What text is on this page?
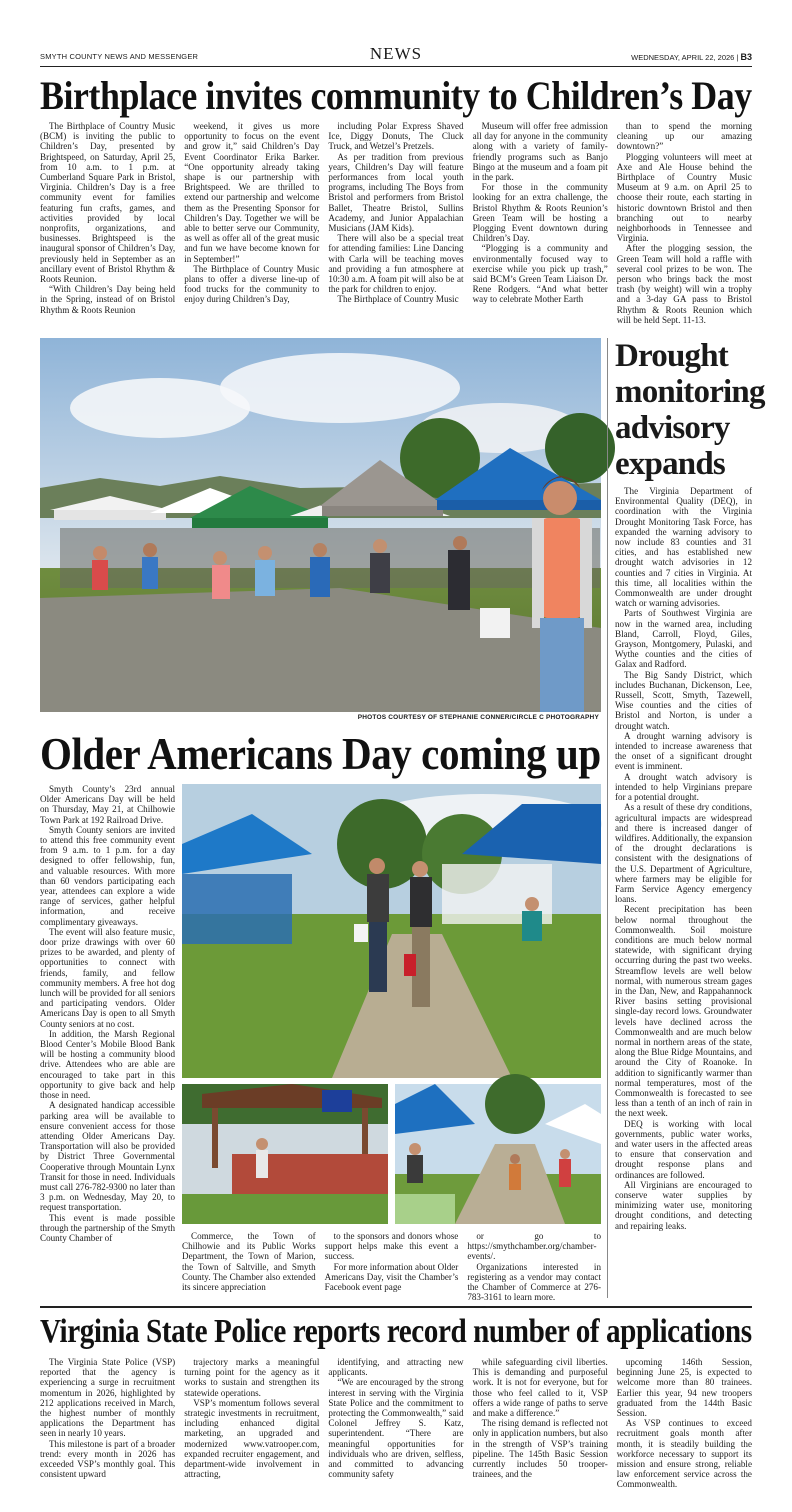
SMYTH COUNTY NEWS AND MESSENGER	NEWS	WEDNESDAY, APRIL 22, 2026 | B3
Birthplace invites community to Children’s Day

The Birthplace of Country Music (BCM) is inviting the public to Children’s Day, presented by Brightspeed, on Saturday, April 25, from 10 a.m. to 1 p.m. at Cumberland Square Park in Bristol, Virginia. Children’s Day is a free community event for families featuring fun crafts, games, and activities provided by local nonprofits, organizations, and businesses. Brightspeed is the inaugural sponsor of Children’s Day, previously held in September as an ancillary event of Bristol Rhythm & Roots Reunion.

“With Children’s Day being held in the Spring, instead of on Bristol Rhythm & Roots Reunion

weekend, it gives us more opportunity to focus on the event and grow it,” said Children’s Day Event Coordinator Erika Barker. “One opportunity already taking shape is our partnership with Brightspeed. We are thrilled to extend our partnership and welcome them as the Presenting Sponsor for Children’s Day. Together we will be able to better serve our Community, as well as offer all of the great music and fun we have become known for in September!”

The Birthplace of Country Music plans to offer a diverse line-up of food trucks for the community to enjoy during Children’s Day,

including Polar Express Shaved Ice, Diggy Donuts, The Cluck Truck, and Wetzel’s Pretzels.

As per tradition from previous years, Children’s Day will feature performances from local youth programs, including The Boys from Bristol and performers from Bristol Ballet, Theatre Bristol, Sullins Academy, and Junior Appalachian Musicians (JAM Kids).

There will also be a special treat for attending families: Line Dancing with Carla will be teaching moves and providing a fun atmosphere at 10:30 a.m. A foam pit will also be at the park for children to enjoy.

The Birthplace of Country Music

Museum will offer free admission all day for anyone in the community along with a variety of family-friendly programs such as Banjo Bingo at the museum and a foam pit in the park.

For those in the community looking for an extra challenge, the Bristol Rhythm & Roots Reunion’s Green Team will be hosting a Plogging Event downtown during Children’s Day.

“Plogging is a community and environmentally focused way to exercise while you pick up trash,” said BCM’s Green Team Liaison Dr. Rene Rodgers. “And what better way to celebrate Mother Earth

than to spend the morning cleaning up our amazing downtown?”

Plogging volunteers will meet at Axe and Ale House behind the Birthplace of Country Music Museum at 9 a.m. on April 25 to choose their route, each starting in historic downtown Bristol and then branching out to nearby neighborhoods in Tennessee and Virginia.

After the plogging session, the Green Team will hold a raffle with several cool prizes to be won. The person who brings back the most trash (by weight) will win a trophy and a 3-day GA pass to Bristol Rhythm & Roots Reunion which will be held Sept. 11-13.

PHOTOS COURTESY OF STEPHANIE CONNER/CIRCLE C PHOTOGRAPHY
Older Americans Day coming up

Smyth County’s 23rd annual Older Americans Day will be held on Thursday, May 21, at Chilhowie Town Park at 192 Railroad Drive.

Smyth County seniors are invited to attend this free community event from 9 a.m. to 1 p.m. for a day designed to offer fellowship, fun, and valuable resources. With more than 60 vendors participating each year, attendees can explore a wide range of services, gather helpful information, and receive complimentary giveaways.

The event will also feature music, door prize drawings with over 60 prizes to be awarded, and plenty of opportunities to connect with friends, family, and fellow community members. A free hot dog lunch will be provided for all seniors and participating vendors. Older Americans Day is open to all Smyth County seniors at no cost.

In addition, the Marsh Regional Blood Center’s Mobile Blood Bank will be hosting a community blood drive. Attendees who are able are encouraged to take part in this opportunity to give back and help those in need.

A designated handicap accessible parking area will be available to ensure convenient access for those attending Older Americans Day. Transportation will also be provided by District Three Governmental Cooperative through Mountain Lynx Transit for those in need. Individuals must call 276-782-9300 no later than 3 p.m. on Wednesday, May 20, to request transportation.

This event is made possible through the partnership of the Smyth County Chamber of	Commerce, the Town of Chilhowie and its Public Works Department, the Town of Marion, the Town of Saltville, and Smyth County. The Chamber also extended its sincere appreciation

to the sponsors and donors whose support helps make this event a success.

For more information about Older Americans Day, visit the Chamber’s Facebook event page

or go to https://smythchamber.org/chamber-events/.

Organizations interested in registering as a vendor may contact the Chamber of Commerce at 276-783-3161 to learn more.

Drought monitoring advisory expands

The Virginia Department of Environmental Quality (DEQ), in coordination with the Virginia Drought Monitoring Task Force, has expanded the warning advisory to now include 83 counties and 31 cities, and has established new drought watch advisories in 12 counties and 7 cities in Virginia. At this time, all localities within the Commonwealth are under drought watch or warning advisories.

Parts of Southwest Virginia are now in the warned area, including Bland, Carroll, Floyd, Giles, Grayson, Montgomery, Pulaski, and Wythe counties and the cities of Galax and Radford.

The Big Sandy District, which includes Buchanan, Dickenson, Lee, Russell, Scott, Smyth, Tazewell, Wise counties and the cities of Bristol and Norton, is under a drought watch.

A drought warning advisory is intended to increase awareness that the onset of a significant drought event is imminent.

A drought watch advisory is intended to help Virginians prepare for a potential drought.

As a result of these dry conditions, agricultural impacts are widespread and there is increased danger of wildfires. Additionally, the expansion of the drought declarations is consistent with the designations of the U.S. Department of Agriculture, where farmers may be eligible for Farm Service Agency emergency loans.

Recent precipitation has been below normal throughout the Commonwealth. Soil moisture conditions are much below normal statewide, with significant drying occurring during the past two weeks. Streamflow levels are well below normal, with numerous stream gages in the Dan, New, and Rappahannock River basins setting provisional single-day record lows. Groundwater levels have declined across the Commonwealth and are much below normal in northern areas of the state, along the Blue Ridge Mountains, and around the City of Roanoke. In addition to significantly warmer than normal temperatures, most of the Commonwealth is forecasted to see less than a tenth of an inch of rain in the next week.

DEQ is working with local governments, public water works, and water users in the affected areas to ensure that conservation and drought response plans and ordinances are followed.

All Virginians are encouraged to conserve water supplies by minimizing water use, monitoring drought conditions, and detecting and repairing leaks.

Virginia State Police reports record number of applications

The Virginia State Police (VSP) reported that the agency is experiencing a surge in recruitment momentum in 2026, highlighted by 212 applications received in March, the highest number of monthly applications the Department has seen in nearly 10 years.

This milestone is part of a broader trend: every month in 2026 has exceeded VSP’s monthly goal. This consistent upward

trajectory marks a meaningful turning point for the agency as it works to sustain and strengthen its statewide operations.

VSP’s momentum follows several strategic investments in recruitment, including enhanced digital marketing, an upgraded and modernized www.vatrooper.com, expanded recruiter engagement, and department-wide involvement in attracting,

identifying, and attracting new applicants.

“We are encouraged by the strong interest in serving with the Virginia State Police and the commitment to protecting the Commonwealth,” said Colonel Jeffrey S. Katz, superintendent. “There are meaningful opportunities for individuals who are driven, selfless, and committed to advancing community safety

while safeguarding civil liberties. This is demanding and purposeful work. It is not for everyone, but for those who feel called to it, VSP offers a wide range of paths to serve and make a difference.”

The rising demand is reflected not only in application numbers, but also in the strength of VSP’s training pipeline. The 145th Basic Session currently includes 50 trooper-trainees, and the

upcoming 146th Session, beginning June 25, is expected to welcome more than 80 trainees. Earlier this year, 94 new troopers graduated from the 144th Basic Session.

As VSP continues to exceed recruitment goals month after month, it is steadily building the workforce necessary to support its mission and ensure strong, reliable law enforcement service across the Commonwealth.
